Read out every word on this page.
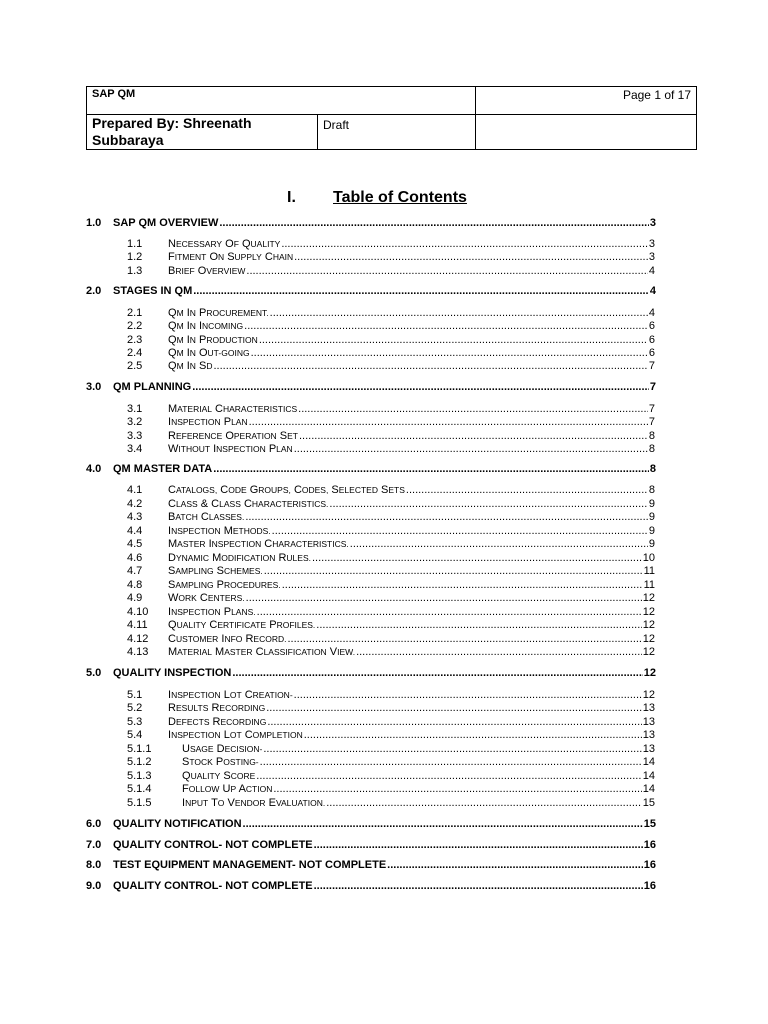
SAP QM		Page 1 of 17

Prepared By: Shreenath Subbaraya	Draft	

I. Table of Contents
1.0	SAP QM OVERVIEW .....	3
1.1	NECESSARY OF QUALITY .....	3
1.2	FITMENT ON SUPPLY CHAIN .....	3
1.3	BRIEF OVERVIEW .....	4
2.0	STAGES IN QM .....	4
2.1	QM IN PROCUREMENT. .....	4
2.2	QM IN INCOMING .....	6
2.3	QM IN PRODUCTION .....	6
2.4	QM IN OUT-GOING .....	6
2.5	QM IN SD .....	7
3.0	QM PLANNING .....	7
3.1	MATERIAL CHARACTERISTICS .....	7
3.2	INSPECTION PLAN .....	7
3.3	REFERENCE OPERATION SET .....	8
3.4	WITHOUT INSPECTION PLAN .....	8
4.0	QM MASTER DATA .....	8
4.1	CATALOGS, CODE GROUPS, CODES, SELECTED SETS .....	8
4.2	CLASS & CLASS CHARACTERISTICS. .....	9
4.3	BATCH CLASSES. .....	9
4.4	INSPECTION METHODS. .....	9
4.5	MASTER INSPECTION CHARACTERISTICS. .....	9
4.6	DYNAMIC MODIFICATION RULES. .....	10
4.7	SAMPLING SCHEMES. .....	11
4.8	SAMPLING PROCEDURES. .....	11
4.9	WORK CENTERS. .....	12
4.10	INSPECTION PLANS. .....	12
4.11	QUALITY CERTIFICATE PROFILES. .....	12
4.12	CUSTOMER INFO RECORD. .....	12
4.13	MATERIAL MASTER CLASSIFICATION VIEW. .....	12
5.0	QUALITY INSPECTION .....	12
5.1	INSPECTION LOT CREATION- .....	12
5.2	RESULTS RECORDING .....	13
5.3	DEFECTS RECORDING .....	13
5.4	INSPECTION LOT COMPLETION .....	13
5.1.1	USAGE DECISION- .....	13
5.1.2	STOCK POSTING- .....	14
5.1.3	QUALITY SCORE .....	14
5.1.4	FOLLOW UP ACTION .....	14
5.1.5	INPUT TO VENDOR EVALUATION. .....	15
6.0	QUALITY NOTIFICATION .....	15
7.0	QUALITY CONTROL- NOT COMPLETE .....	16
8.0	TEST EQUIPMENT MANAGEMENT- NOT COMPLETE .....	16
9.0	QUALITY CONTROL- NOT COMPLETE .....	16
